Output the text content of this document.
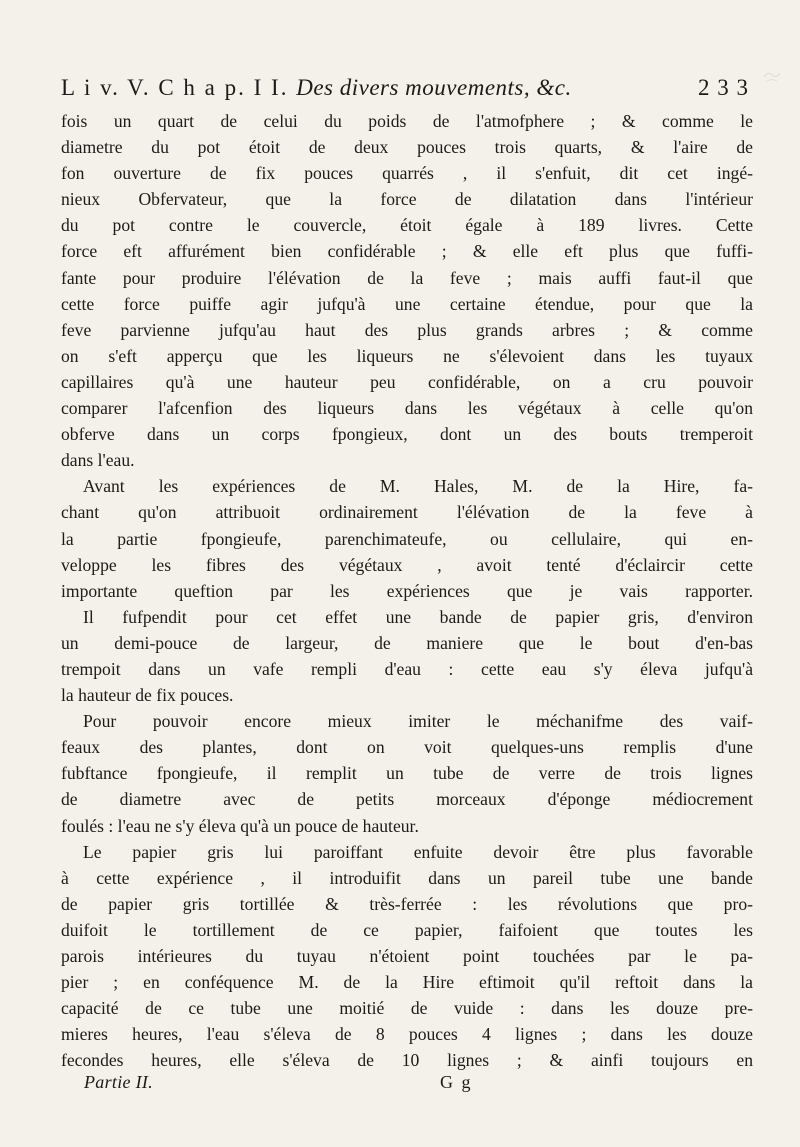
L i v. V. C h a p. I I. Des divers mouvements, &c.	2 3 3
fois un quart de celui du poids de l'atmofphere ; & comme le
diametre du pot étoit de deux pouces trois quarts, & l'aire de
fon ouverture de fix pouces quarrés , il s'enfuit, dit cet ingé-
nieux Obfervateur, que la force de dilatation dans l'intérieur
du pot contre le couvercle, étoit égale à 189 livres. Cette
force eft affurément bien confidérable ; & elle eft plus que fuffi-
fante pour produire l'élévation de la feve ; mais auffi faut-il que
cette force puiffe agir jufqu'à une certaine étendue, pour que la
feve parvienne jufqu'au haut des plus grands arbres ; & comme
on s'eft apperçu que les liqueurs ne s'élevoient dans les tuyaux
capillaires qu'à une hauteur peu confidérable, on a cru pouvoir
comparer l'afcenfion des liqueurs dans les végétaux à celle qu'on
obferve dans un corps fpongieux, dont un des bouts tremperoit
dans l'eau.
Avant les expériences de M. Hales, M. de la Hire, fa-
chant qu'on attribuoit ordinairement l'élévation de la feve à
la partie fpongieufe, parenchimateufe, ou cellulaire, qui en-
veloppe les fibres des végétaux , avoit tenté d'éclaircir cette
importante queftion par les expériences que je vais rapporter.
Il fufpendit pour cet effet une bande de papier gris, d'environ
un demi-pouce de largeur, de maniere que le bout d'en-bas
trempoit dans un vafe rempli d'eau : cette eau s'y éleva jufqu'à
la hauteur de fix pouces.
Pour pouvoir encore mieux imiter le méchanifme des vaif-
feaux des plantes, dont on voit quelques-uns remplis d'une
fubftance fpongieufe, il remplit un tube de verre de trois lignes
de diametre avec de petits morceaux d'éponge médiocrement
foulés : l'eau ne s'y éleva qu'à un pouce de hauteur.
Le papier gris lui paroiffant enfuite devoir être plus favorable
à cette expérience , il introduifit dans un pareil tube une bande
de papier gris tortillée & très-ferrée : les révolutions que pro-
duifoit le tortillement de ce papier, faifoient que toutes les
parois intérieures du tuyau n'étoient point touchées par le pa-
pier ; en conféquence M. de la Hire eftimoit qu'il reftoit dans la
capacité de ce tube une moitié de vuide : dans les douze pre-
mieres heures, l'eau s'éleva de 8 pouces 4 lignes ; dans les douze
fecondes heures, elle s'éleva de 10 lignes ; & ainfi toujours en
Partie II.	G g
